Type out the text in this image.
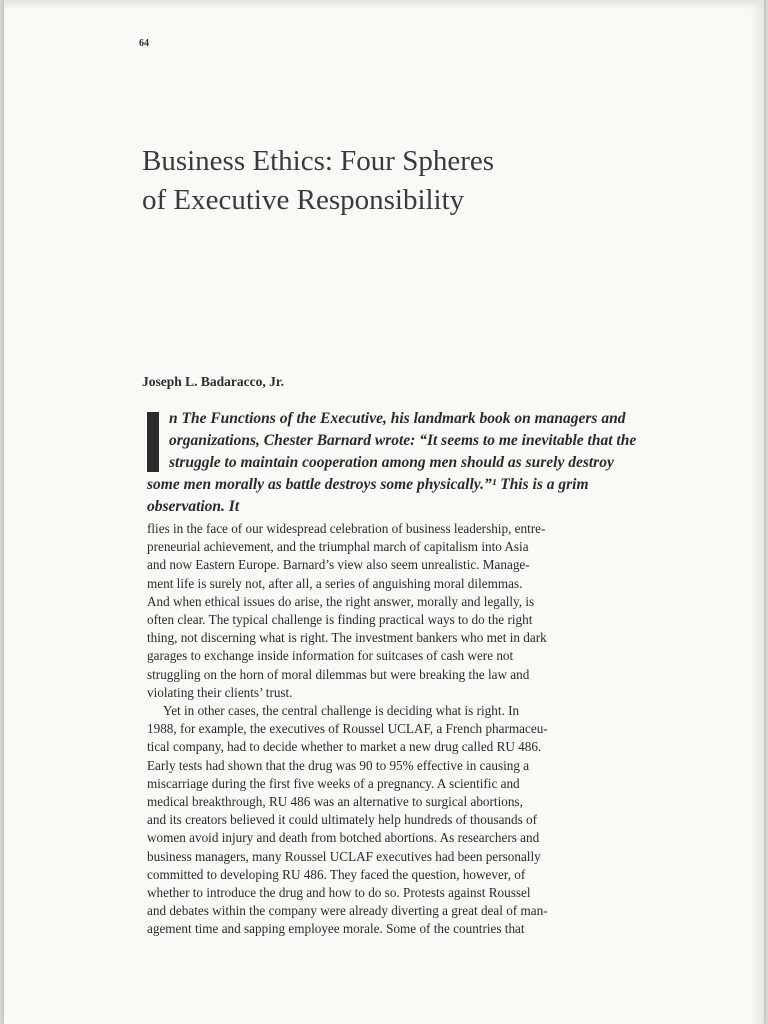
64
Business Ethics: Four Spheres
of Executive Responsibility
Joseph L. Badaracco, Jr.

n The Functions of the Executive, his landmark book on managers and organizations, Chester Barnard wrote: “It seems to me inevitable that the struggle to maintain cooperation among men should as surely destroy some men morally as battle destroys some physically.”¹ This is a grim observation. It

flies in the face of our widespread celebration of business leadership, entre-
preneurial achievement, and the triumphal march of capitalism into Asia
and now Eastern Europe. Barnard’s view also seem unrealistic. Manage-
ment life is surely not, after all, a series of anguishing moral dilemmas.
And when ethical issues do arise, the right answer, morally and legally, is
often clear. The typical challenge is finding practical ways to do the right
thing, not discerning what is right. The investment bankers who met in dark
garages to exchange inside information for suitcases of cash were not
struggling on the horn of moral dilemmas but were breaking the law and
violating their clients’ trust.
Yet in other cases, the central challenge is deciding what is right. In
1988, for example, the executives of Roussel UCLAF, a French pharmaceu-
tical company, had to decide whether to market a new drug called RU 486.
Early tests had shown that the drug was 90 to 95% effective in causing a
miscarriage during the first five weeks of a pregnancy. A scientific and
medical breakthrough, RU 486 was an alternative to surgical abortions,
and its creators believed it could ultimately help hundreds of thousands of
women avoid injury and death from botched abortions. As researchers and
business managers, many Roussel UCLAF executives had been personally
committed to developing RU 486. They faced the question, however, of
whether to introduce the drug and how to do so. Protests against Roussel
and debates within the company were already diverting a great deal of man-
agement time and sapping employee morale. Some of the countries that
